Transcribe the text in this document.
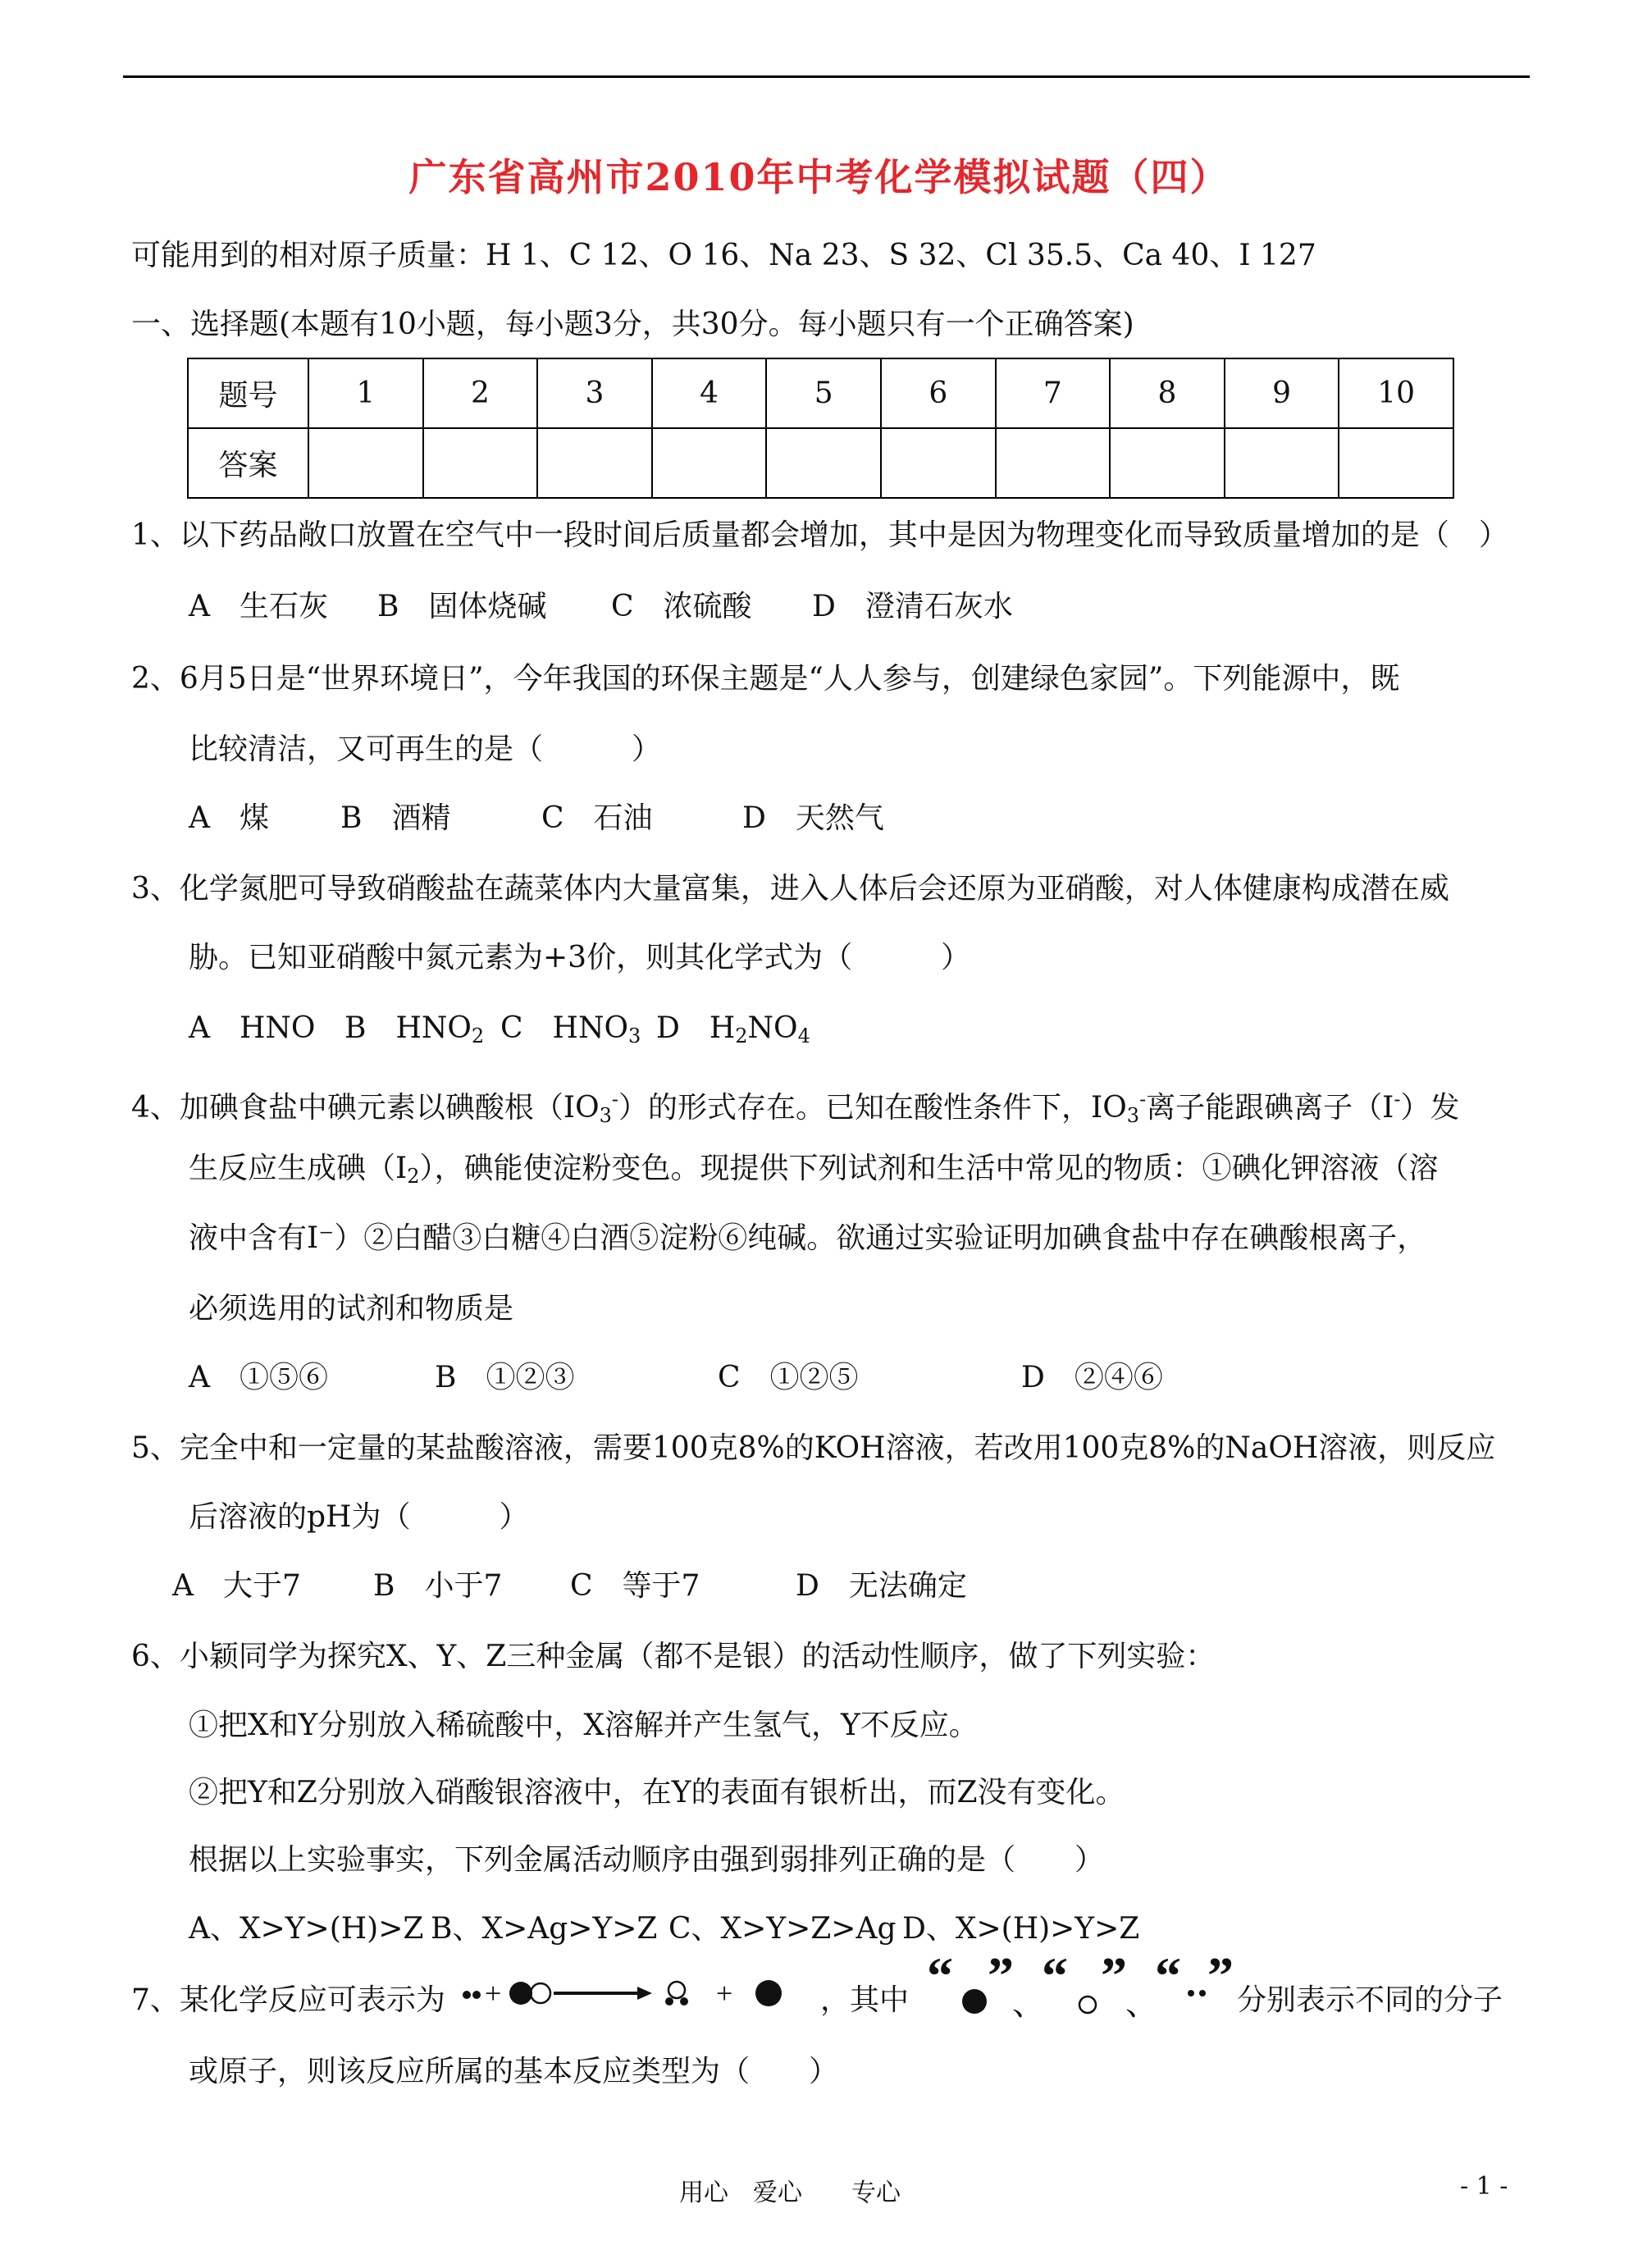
广东省高州市2010年中考化学模拟试题（四）
可能用到的相对原子质量：H 1、C 12、O 16、Na 23、S 32、Cl 35.5、Ca 40、I 127
一、选择题(本题有10小题，每小题3分，共30分。每小题只有一个正确答案)
题号	1	2	3	4	5	6	7	8	9	10
答案										
1、以下药品敞口放置在空气中一段时间后质量都会增加，其中是因为物理变化而导致质量增加的是（　）
A　生石灰 B　固体烧碱 C　浓硫酸 D　澄清石灰水
2、6月5日是“世界环境日”，今年我国的环保主题是“人人参与，创建绿色家园”。下列能源中，既
比较清洁，又可再生的是（　　　）
A　煤 B　酒精	C　石油	D　天然气
3、化学氮肥可导致硝酸盐在蔬菜体内大量富集，进入人体后会还原为亚硝酸，对人体健康构成潜在威
胁。已知亚硝酸中氮元素为+3价，则其化学式为（　　　）
A　HNO B　$HNO_2$ C　$HNO_3$ D　$H_2NO_4$
4、加碘食盐中碘元素以碘酸根$(IO_3^-)$的形式存在。已知在酸性条件下，$IO_3^-$离子能跟碘离子（I-）发
生反应生成碘$(I_2)$，碘能使淀粉变色。现提供下列试剂和生活中常见的物质：①碘化钾溶液（溶
液中含有I⁻）②白醋③白糖④白酒⑤淀粉⑥纯碱。欲通过实验证明加碘食盐中存在碘酸根离子，
必须选用的试剂和物质是
A　①⑤⑥	B　①②③	C　①②⑤	D　②④⑥
5、完全中和一定量的某盐酸溶液，需要100克8%的KOH溶液，若改用100克8%的NaOH溶液，则反应
后溶液的pH为（　　　）
A　大于7 B　小于7 C　等于7	D　无法确定
6、小颖同学为探究X、Y、Z三种金属（都不是银）的活动性顺序，做了下列实验：
①把X和Y分别放入稀硫酸中，X溶解并产生氢气，Y不反应。
②把Y和Z分别放入硝酸银溶液中，在Y的表面有银析出，而Z没有变化。
根据以上实验事实，下列金属活动顺序由强到弱排列正确的是（　　）
A、X>Y>(H)>Z B、X>Ag>Y>Z C、X>Y>Z>Ag D、X>(H)>Y>Z
7、某化学反应可表示为 +	+	，其中 “ ”
、
“ ”
、
“ ” 分别表示不同的分子
或原子，则该反应所属的基本反应类型为（　　）
用心　爱心　　专心	- 1 -
